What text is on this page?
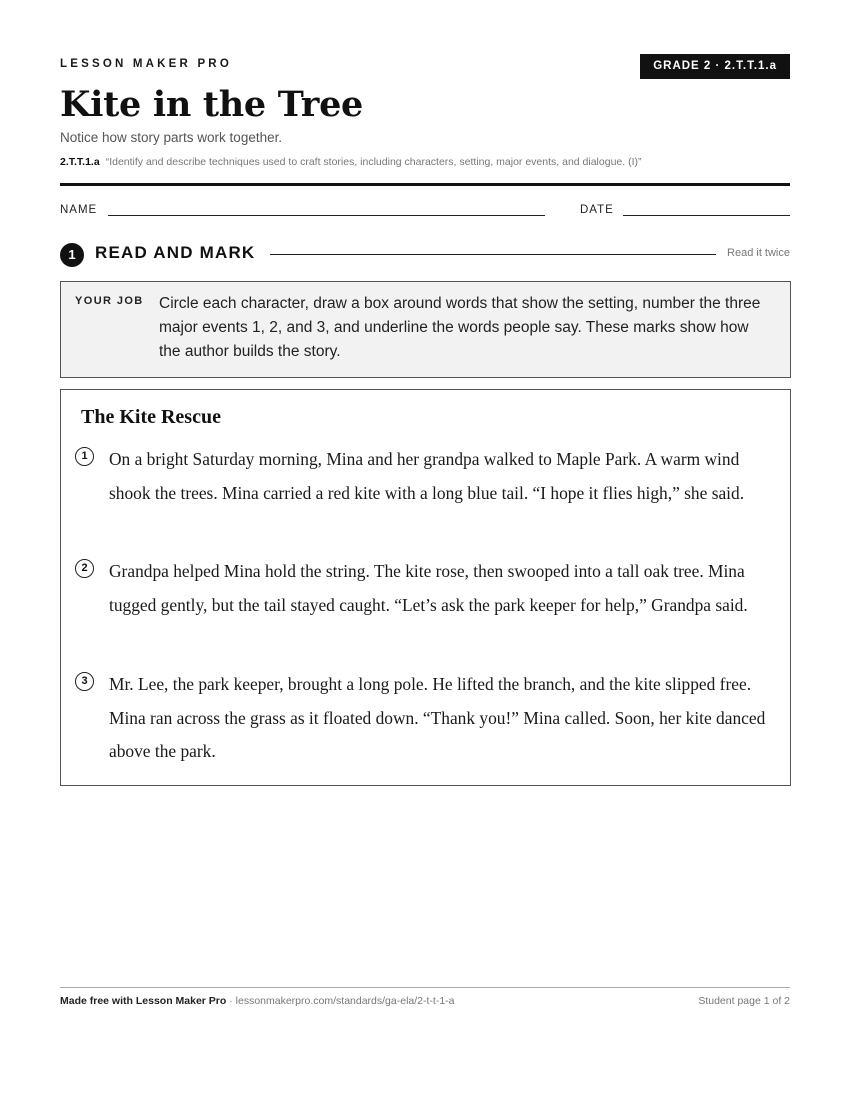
LESSON MAKER PRO	GRADE 2 · 2.T.T.1.a
Kite in the Tree
Notice how story parts work together.
2.T.T.1.a “Identify and describe techniques used to craft stories, including characters, setting, major events, and dialogue. (I)”
NAME	DATE
1	READ AND MARK	Read it twice
YOUR JOB Circle each character, draw a box around words that show the setting, number the three major events 1, 2, and 3, and underline the words people say. These marks show how the author builds the story.
The Kite Rescue
1	On a bright Saturday morning, Mina and her grandpa walked to Maple Park. A warm wind shook the trees. Mina carried a red kite with a long blue tail. “I hope it flies high,” she said.
2	Grandpa helped Mina hold the string. The kite rose, then swooped into a tall oak tree. Mina tugged gently, but the tail stayed caught. “Let’s ask the park keeper for help,” Grandpa said.
3	Mr. Lee, the park keeper, brought a long pole. He lifted the branch, and the kite slipped free. Mina ran across the grass as it floated down. “Thank you!” Mina called. Soon, her kite danced above the park.
Made free with Lesson Maker Pro · lessonmakerpro.com/standards/ga-ela/2-t-t-1-a	Student page 1 of 2
